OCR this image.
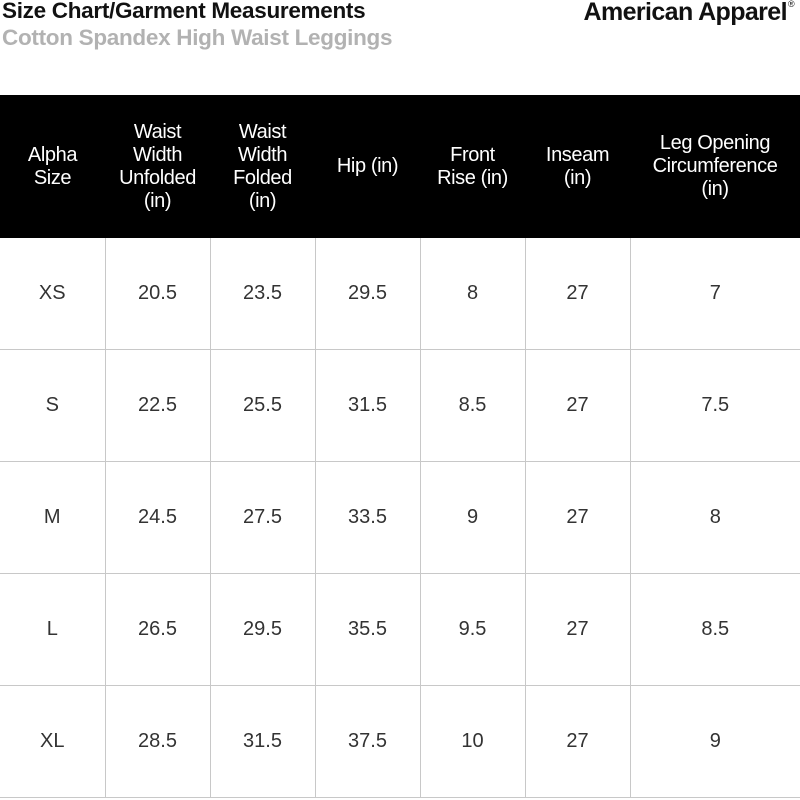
Size Chart/Garment Measurements
Cotton Spandex High Waist Leggings
American Apparel®
Alpha
Size	Waist
Width
Unfolded
(in)	Waist
Width
Folded
(in)	Hip (in)	Front
Rise (in)	Inseam
(in)	Leg Opening
Circumference
(in)

XS	20.5	23.5	29.5	8	27	7
S	22.5	25.5	31.5	8.5	27	7.5
M	24.5	27.5	33.5	9	27	8
L	26.5	29.5	35.5	9.5	27	8.5
XL	28.5	31.5	37.5	10	27	9
